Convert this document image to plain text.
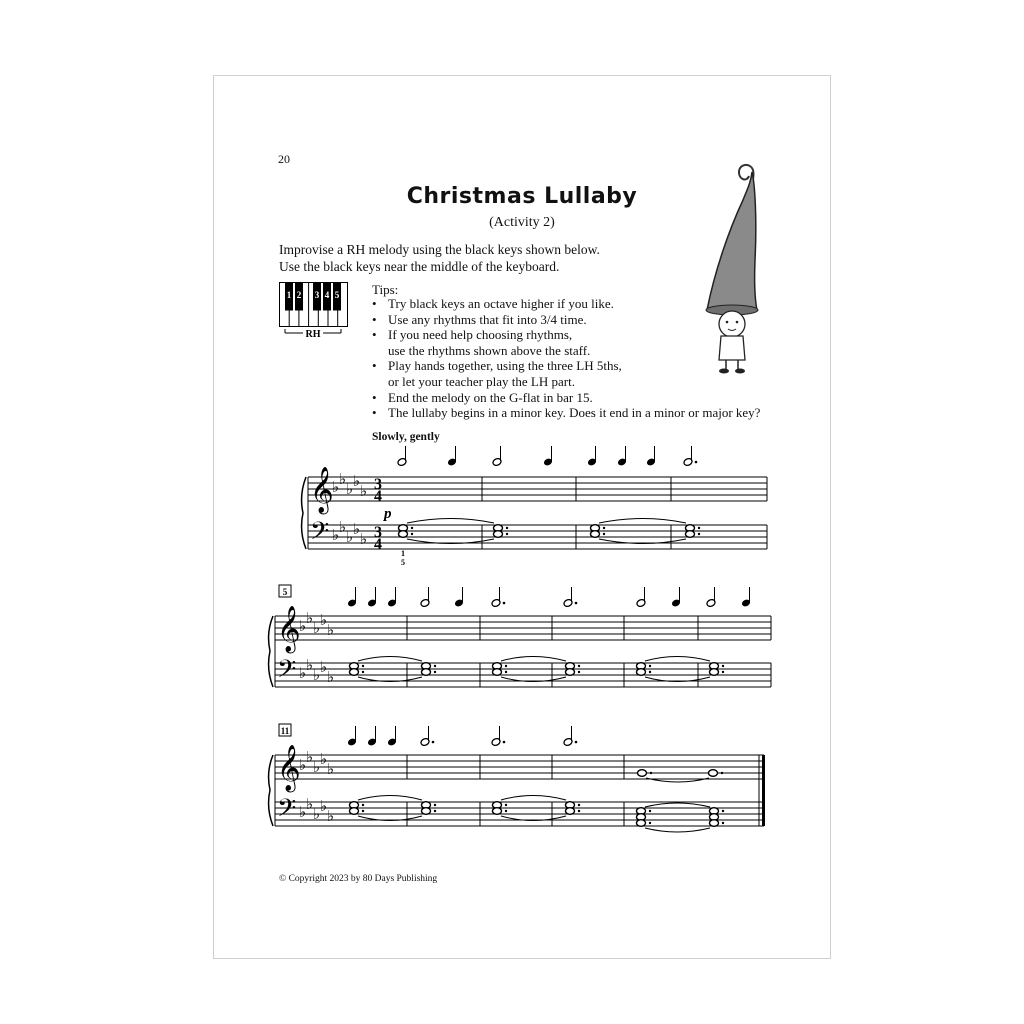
20
Christmas Lullaby
(Activity 2)
Improvise a RH melody using the black keys shown below.
Use the black keys near the middle of the keyboard.
1 2 3 4 5
RH
Tips:
• Try black keys an octave higher if you like.
• Use any rhythms that fit into 3/4 time.
• If you need help choosing rhythms,
use the rhythms shown above the staff.
• Play hands together, using the three LH 5ths,
or let your teacher play the LH part.
• End the melody on the G-flat in bar 15.
• The lullaby begins in a minor key. Does it end in a minor or major key?
Slowly, gently
𝄞
𝄢
♭ ♭
♭ ♭
♭
♭ ♭
♭ ♭
♭
3
4
3
4
p
1
5
5
𝄞
𝄢
♭ ♭
♭ ♭
♭
♭ ♭
♭ ♭
♭
11
𝄞
𝄢
♭ ♭
♭ ♭
♭
♭ ♭
♭ ♭
♭
© Copyright 2023 by 80 Days Publishing
